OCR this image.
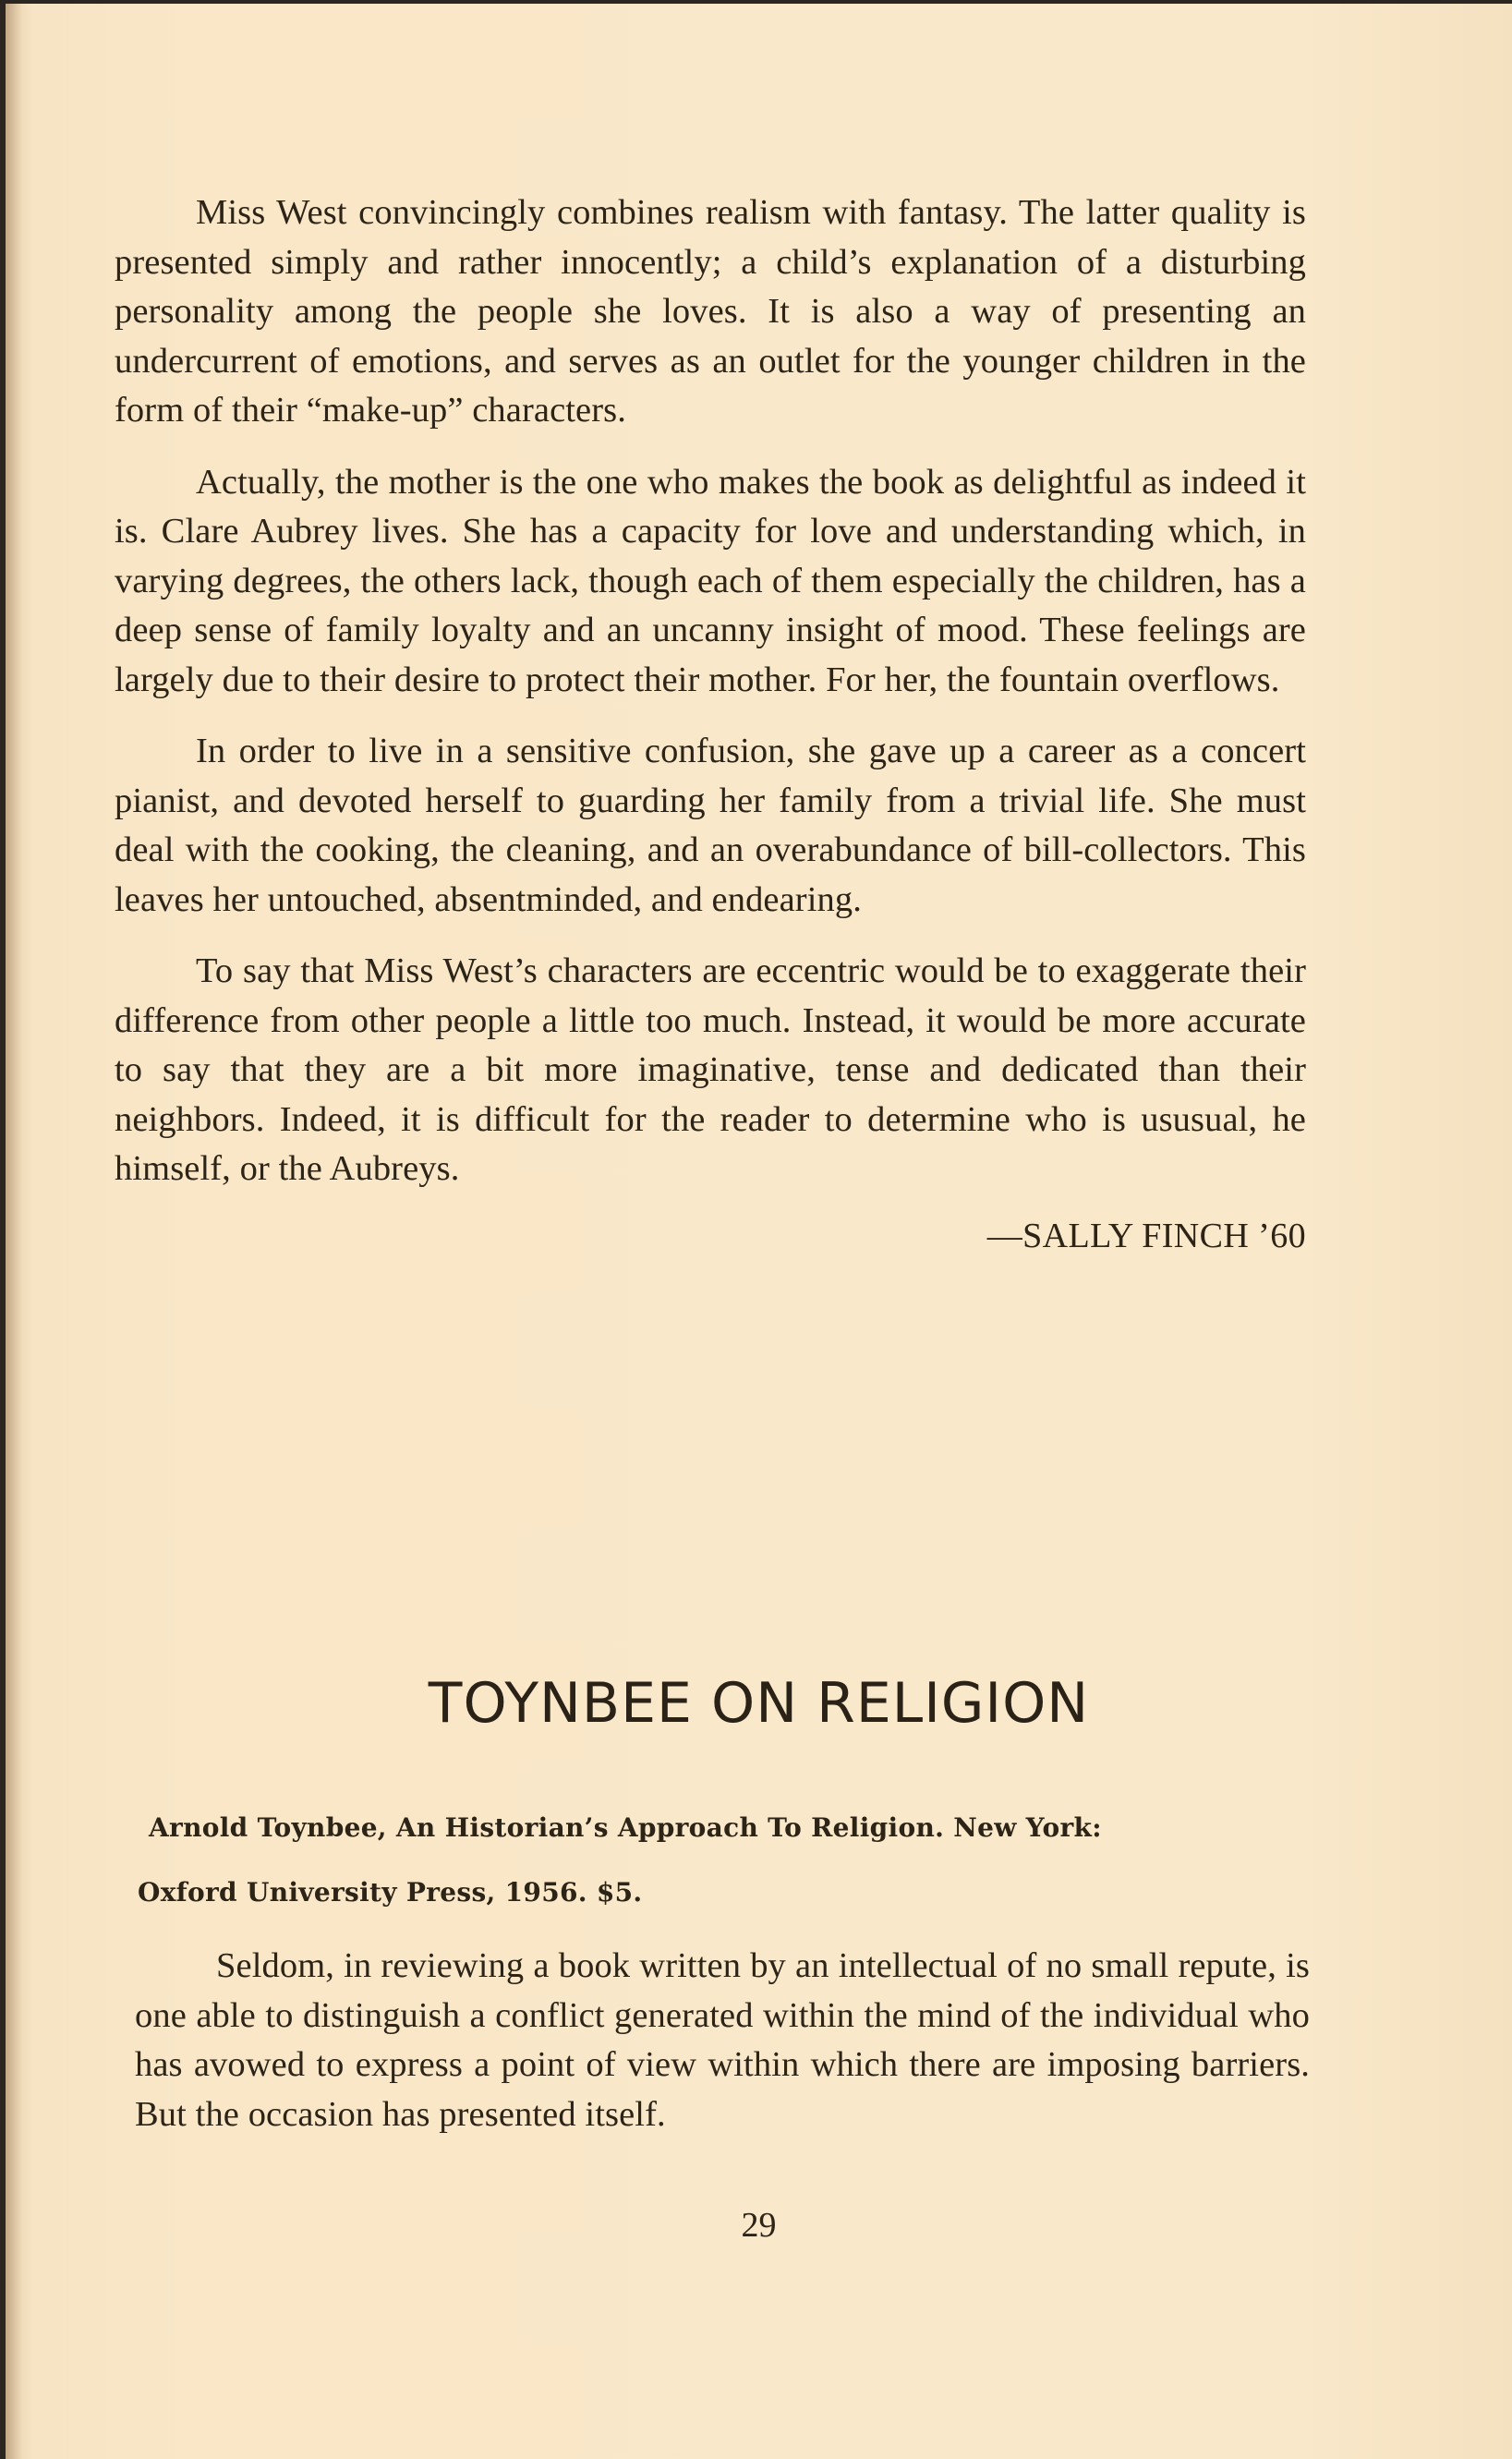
Miss West convincingly combines realism with fantasy. The latter quality is presented simply and rather innocently; a child’s explanation of a disturbing personality among the people she loves. It is also a way of presenting an undercurrent of emotions, and serves as an outlet for the younger children in the form of their “make-up” characters.

Actually, the mother is the one who makes the book as delightful as indeed it is. Clare Aubrey lives. She has a capacity for love and understanding which, in varying degrees, the others lack, though each of them especially the children, has a deep sense of family loyalty and an uncanny insight of mood. These feelings are largely due to their desire to protect their mother. For her, the fountain overflows.

In order to live in a sensitive confusion, she gave up a career as a concert pianist, and devoted herself to guarding her family from a trivial life. She must deal with the cooking, the cleaning, and an overabundance of bill-collectors. This leaves her untouched, absentminded, and endearing.

To say that Miss West’s characters are eccentric would be to exaggerate their difference from other people a little too much. Instead, it would be more accurate to say that they are a bit more imaginative, tense and dedicated than their neighbors. Indeed, it is difficult for the reader to determine who is ususual, he himself, or the Aubreys.

—SALLY FINCH ’60
TOYNBEE ON RELIGION
Arnold Toynbee, An Historian’s Approach To Religion. New York:
Oxford University Press, 1956. $5.

Seldom, in reviewing a book written by an intellectual of no small repute, is one able to distinguish a conflict generated within the mind of the individual who has avowed to express a point of view within which there are imposing barriers. But the occasion has presented itself.

29
